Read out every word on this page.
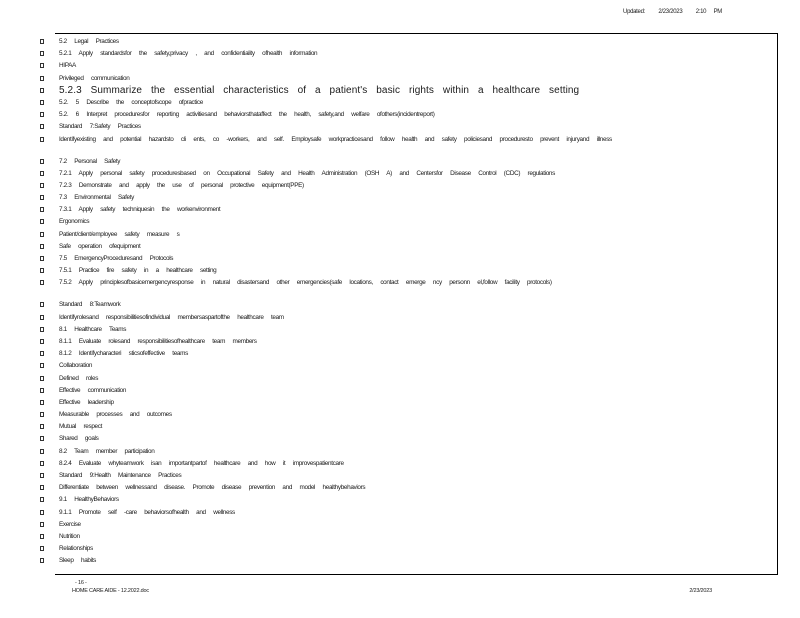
Updated: 2/23/2023 2:10 PM
5.2 Legal Practices
5.2.1 Apply standardsfor the safety,privacy , and confidentiality ofhealth information
HIPAA
Privileged communication
5.2.3 Summarize the essential characteristics of a patient's basic rights within a healthcare setting
5.2. 5 Describe the conceptofscope ofpractice
5.2. 6 Interpret proceduresfor reporting activitiesand behaviorsthataffect the health, safety,and welfare ofothers(incidentreport)
Standard 7:Safety Practices
Identifyexisting and potential hazardsto cli ents, co -workers, and self. Employsafe workpracticesand follow health and safety policiesand proceduresto prevent injuryand illness
7.2 Personal Safety
7.2.1 Apply personal safety proceduresbased on Occupational Safety and Health Administration (OSH A) and Centersfor Disease Control (CDC) regulations
7.2.3 Demonstrate and apply the use of personal protective equipment(PPE)
7.3 Environmental Safety
7.3.1 Apply safety techniquesin the workenvironment
Ergonomics
Patient/client/employee safety measure s
Safe operation ofequipment
7.5 EmergencyProceduresand Protocols
7.5.1 Practice fire safety in a healthcare setting
7.5.2 Apply principlesofbasicemergencyresponse in natural disastersand other emergencies(safe locations, contact emerge ncy personn el,follow facility protocols)
Standard 8:Teamwork
Identifyrolesand responsibilitiesofindividual membersaspartofthe healthcare team
8.1 Healthcare Teams
8.1.1 Evaluate rolesand responsibilitiesofhealthcare team members
8.1.2 Identifycharacteri sticsofeffective teams
Collaboration
Defined roles
Effective communication
Effective leadership
Measurable processes and outcomes
Mutual respect
Shared goals
8.2 Team member participation
8.2.4 Evaluate whyteamwork isan importantpartof healthcare and how it improvespatientcare
Standard 9:Health Maintenance Practices
Differentiate between wellnessand disease. Promote disease prevention and model healthybehaviors
9.1 HealthyBehaviors
9.1.1 Promote self -care behaviorsofhealth and wellness
Exercise
Nutrition
Relationships
Sleep habits
- 16 -
HOME CARE AIDE - 12.2022.doc	2/23/2023
